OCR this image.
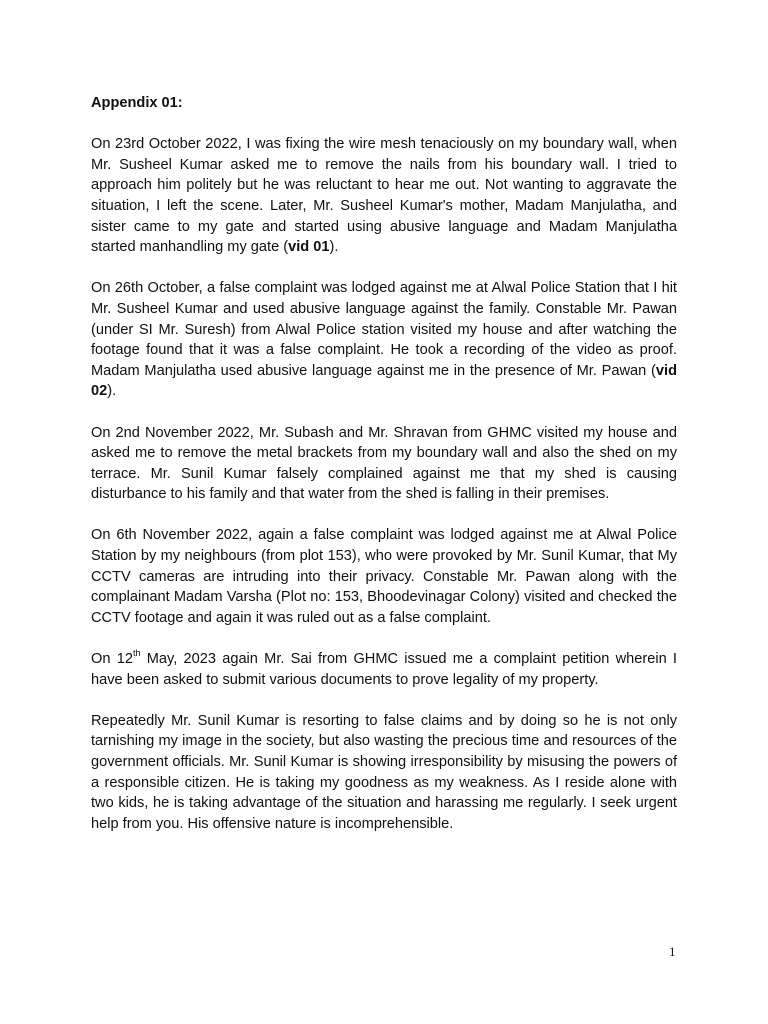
Appendix 01:

On 23rd October 2022, I was fixing the wire mesh tenaciously on my boundary wall, when Mr. Susheel Kumar asked me to remove the nails from his boundary wall. I tried to approach him politely but he was reluctant to hear me out. Not wanting to aggravate the situation, I left the scene. Later, Mr. Susheel Kumar's mother, Madam Manjulatha, and sister came to my gate and started using abusive language and Madam Manjulatha started manhandling my gate (vid 01).

On 26th October, a false complaint was lodged against me at Alwal Police Station that I hit Mr. Susheel Kumar and used abusive language against the family. Constable Mr. Pawan (under SI Mr. Suresh) from Alwal Police station visited my house and after watching the footage found that it was a false complaint. He took a recording of the video as proof. Madam Manjulatha used abusive language against me in the presence of Mr. Pawan (vid 02).

On 2nd November 2022, Mr. Subash and Mr. Shravan from GHMC visited my house and asked me to remove the metal brackets from my boundary wall and also the shed on my terrace. Mr. Sunil Kumar falsely complained against me that my shed is causing disturbance to his family and that water from the shed is falling in their premises.

On 6th November 2022, again a false complaint was lodged against me at Alwal Police Station by my neighbours (from plot 153), who were provoked by Mr. Sunil Kumar, that My CCTV cameras are intruding into their privacy. Constable Mr. Pawan along with the complainant Madam Varsha (Plot no: 153, Bhoodevinagar Colony) visited and checked the CCTV footage and again it was ruled out as a false complaint.

On 12th May, 2023 again Mr. Sai from GHMC issued me a complaint petition wherein I have been asked to submit various documents to prove legality of my property.

Repeatedly Mr. Sunil Kumar is resorting to false claims and by doing so he is not only tarnishing my image in the society, but also wasting the precious time and resources of the government officials. Mr. Sunil Kumar is showing irresponsibility by misusing the powers of a responsible citizen. He is taking my goodness as my weakness. As I reside alone with two kids, he is taking advantage of the situation and harassing me regularly. I seek urgent help from you. His offensive nature is incomprehensible.

1
